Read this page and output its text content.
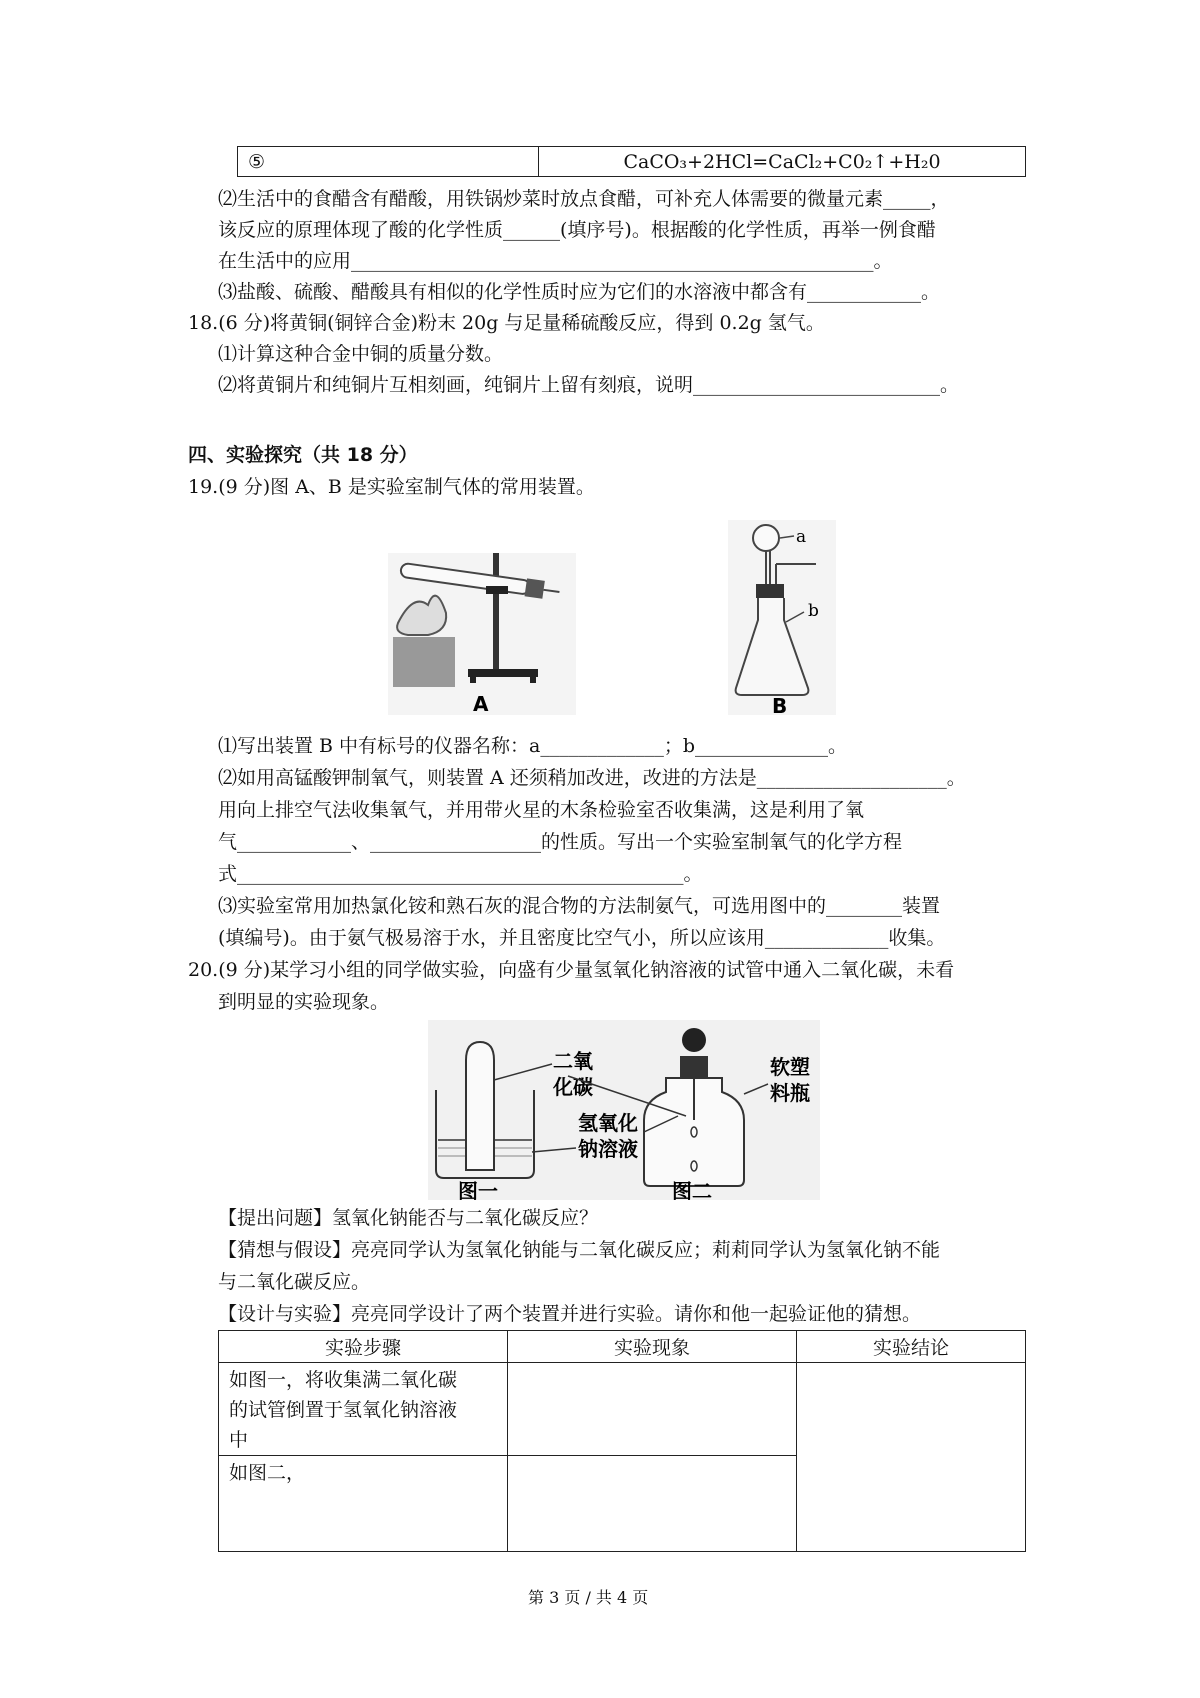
⑤	CaCO₃+2HCl=CaCl₂+C0₂↑+H₂0
⑵生活中的食醋含有醋酸，用铁锅炒菜时放点食醋，可补充人体需要的微量元素_____，
该反应的原理体现了酸的化学性质______(填序号)。根据酸的化学性质，再举一例食醋
在生活中的应用_______________________________________________________。
⑶盐酸、硫酸、醋酸具有相似的化学性质时应为它们的水溶液中都含有____________。
18.(6 分)将黄铜(铜锌合金)粉末 20g 与足量稀硫酸反应，得到 0.2g 氢气。
⑴计算这种合金中铜的质量分数。
⑵将黄铜片和纯铜片互相刻画，纯铜片上留有刻痕，说明__________________________。
四、实验探究（共 18 分）
19.(9 分)图 A、B 是实验室制气体的常用装置。
A
a
b
B
⑴写出装置 B 中有标号的仪器名称：a_____________；b______________。
⑵如用高锰酸钾制氧气，则装置 A 还须稍加改进，改进的方法是____________________。
用向上排空气法收集氧气，并用带火星的木条检验室否收集满，这是利用了氧
气____________、__________________的性质。写出一个实验室制氧气的化学方程
式_______________________________________________。
⑶实验室常用加热氯化铵和熟石灰的混合物的方法制氨气，可选用图中的________装置
(填编号)。由于氨气极易溶于水，并且密度比空气小，所以应该用_____________收集。
20.(9 分)某学习小组的同学做实验，向盛有少量氢氧化钠溶液的试管中通入二氧化碳，未看
到明显的实验现象。
二氧
化碳
氢氧化
钠溶液
软塑
料瓶
图一	图二
【提出问题】氢氧化钠能否与二氧化碳反应？
【猜想与假设】亮亮同学认为氢氧化钠能与二氧化碳反应；莉莉同学认为氢氧化钠不能
与二氧化碳反应。
【设计与实验】亮亮同学设计了两个装置并进行实验。请你和他一起验证他的猜想。
实验步骤	实验现象	实验结论

如图一，将收集满二氧化碳
的试管倒置于氢氧化钠溶液
中		

如图二，		
第 3 页 / 共 4 页
